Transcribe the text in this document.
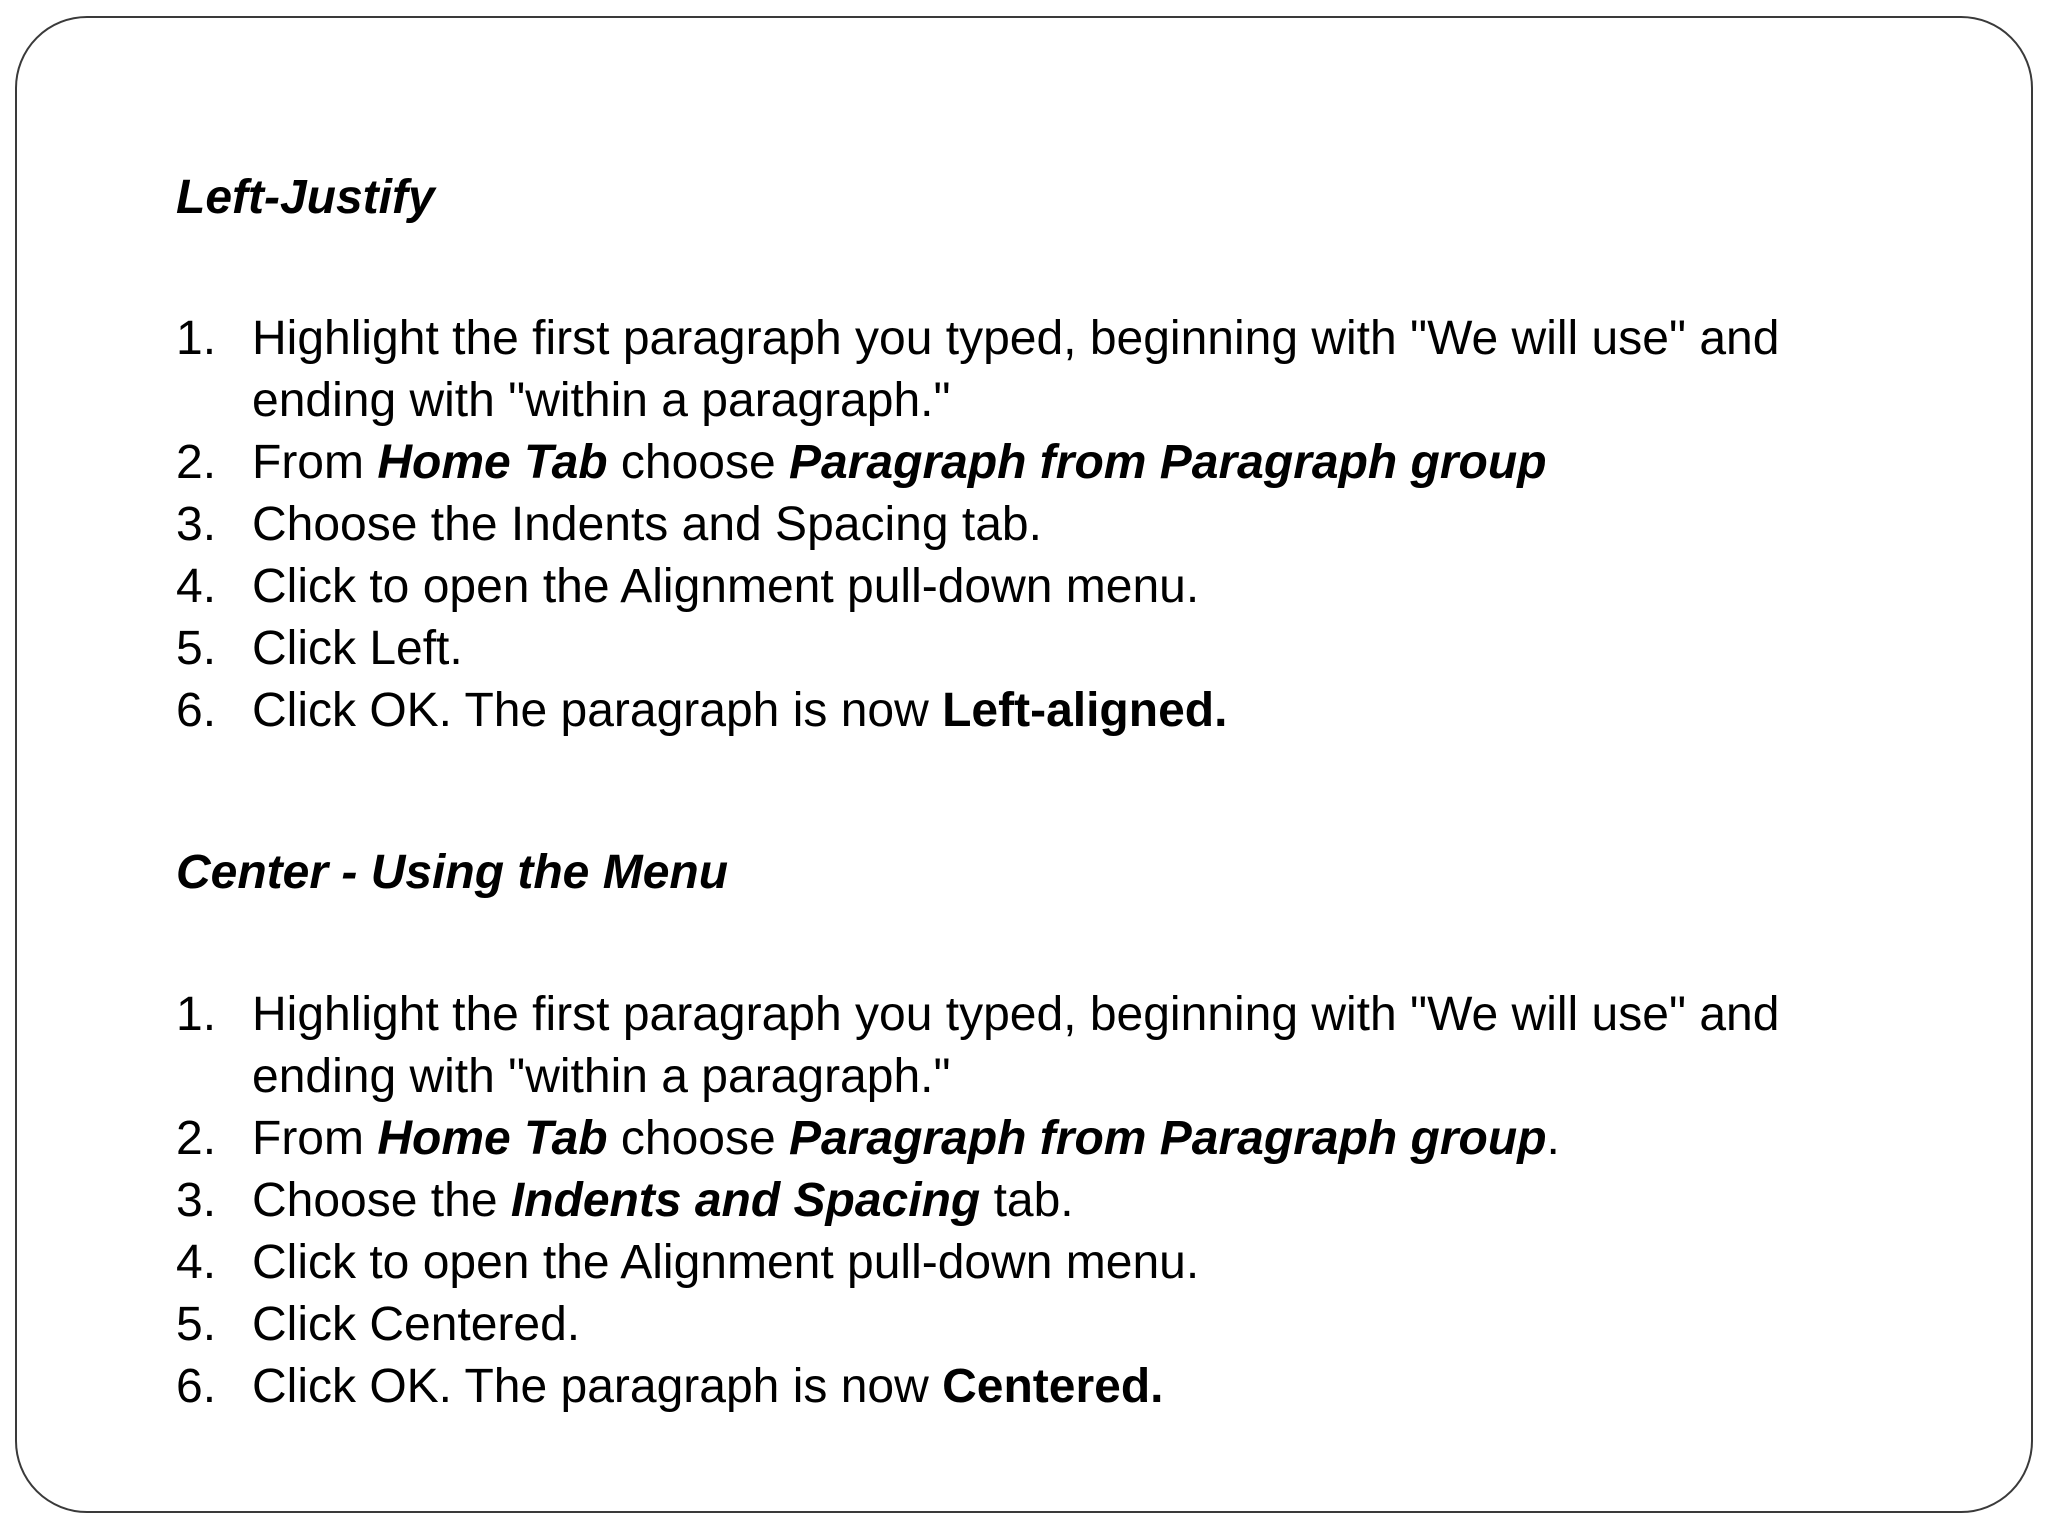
Left-Justify
1. Highlight the first paragraph you typed, beginning with "We will use" and
ending with "within a paragraph."
2. From Home Tab choose Paragraph from Paragraph group
3. Choose the Indents and Spacing tab.
4. Click to open the Alignment pull-down menu.
5. Click Left.
6. Click OK. The paragraph is now Left-aligned.
Center - Using the Menu
1. Highlight the first paragraph you typed, beginning with "We will use" and
ending with "within a paragraph."
2. From Home Tab choose Paragraph from Paragraph group.
3. Choose the Indents and Spacing tab.
4. Click to open the Alignment pull-down menu.
5. Click Centered.
6. Click OK. The paragraph is now Centered.
